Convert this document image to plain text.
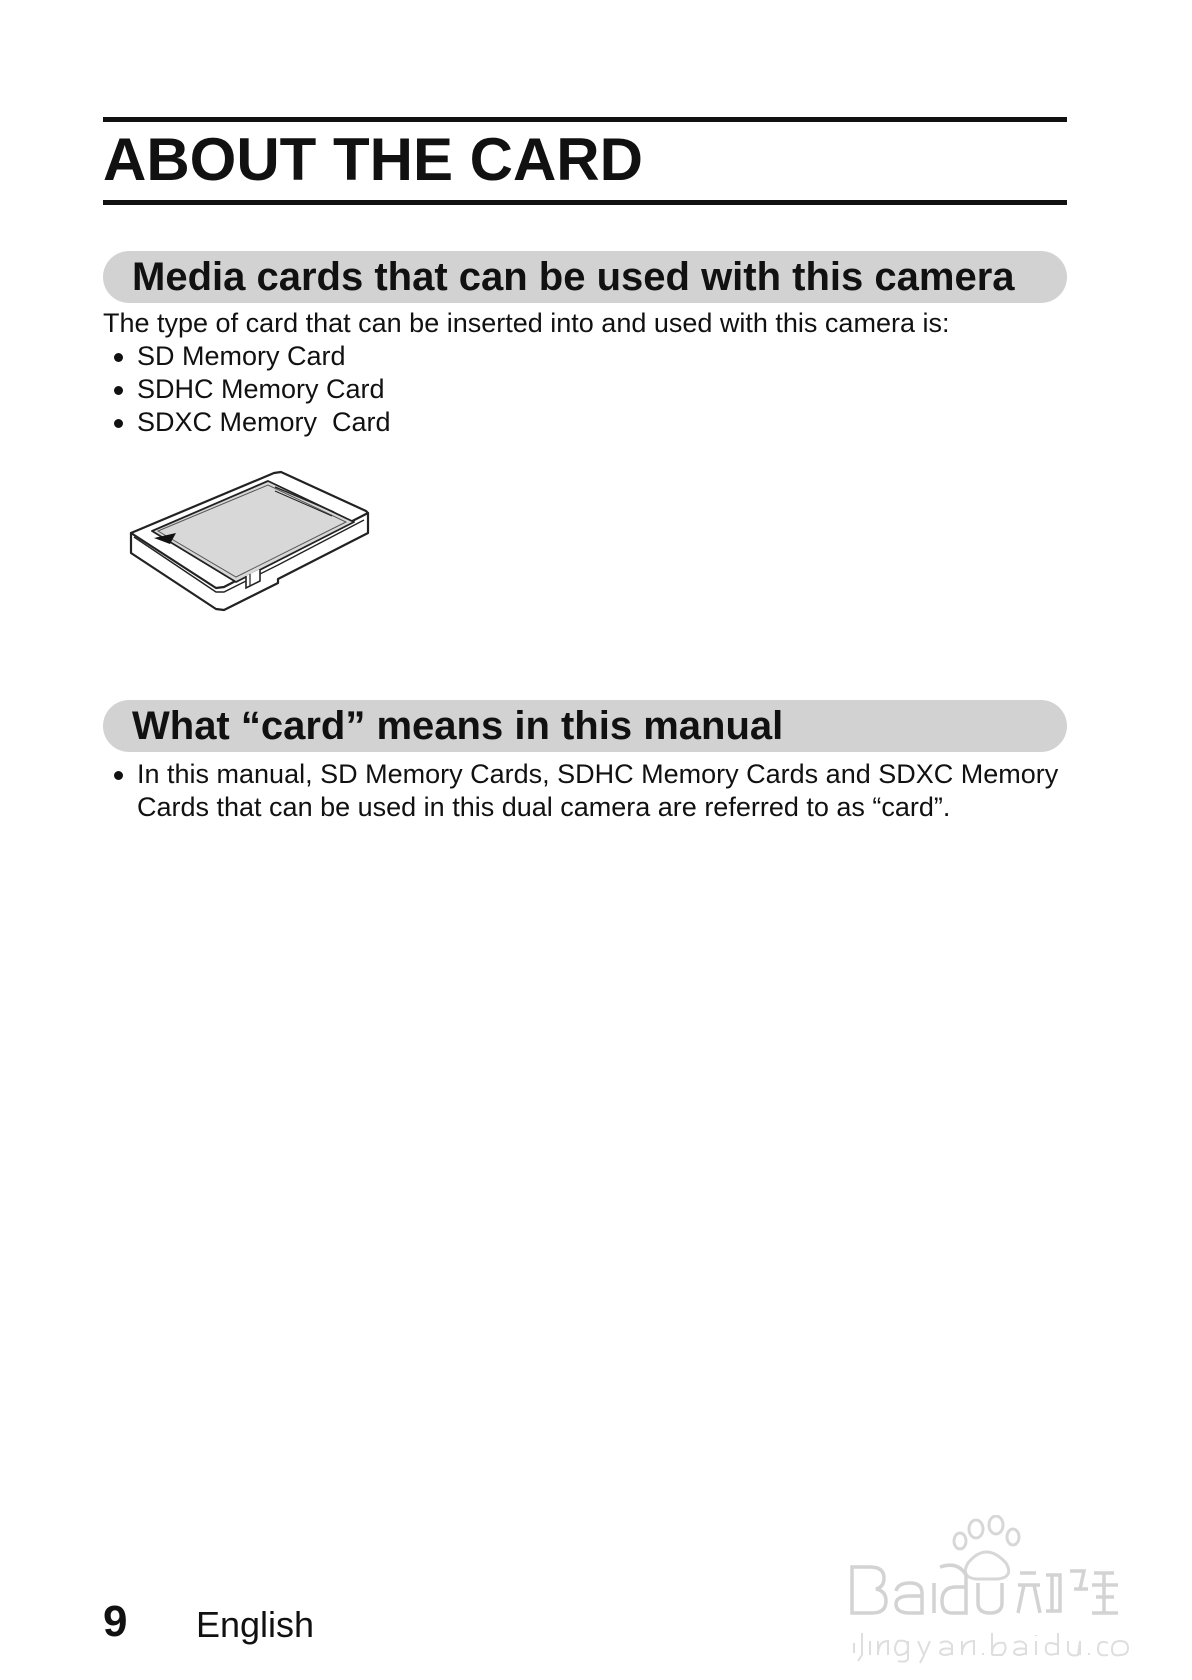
ABOUT THE CARD
Media cards that can be used with this camera
The type of card that can be inserted into and used with this camera is:
SD Memory Card
SDHC Memory Card
SDXC Memory  Card
What “card” means in this manual
In this manual, SD Memory Cards, SDHC Memory Cards and SDXC Memory Cards that can be used in this dual camera are referred to as “card”.
9 English
